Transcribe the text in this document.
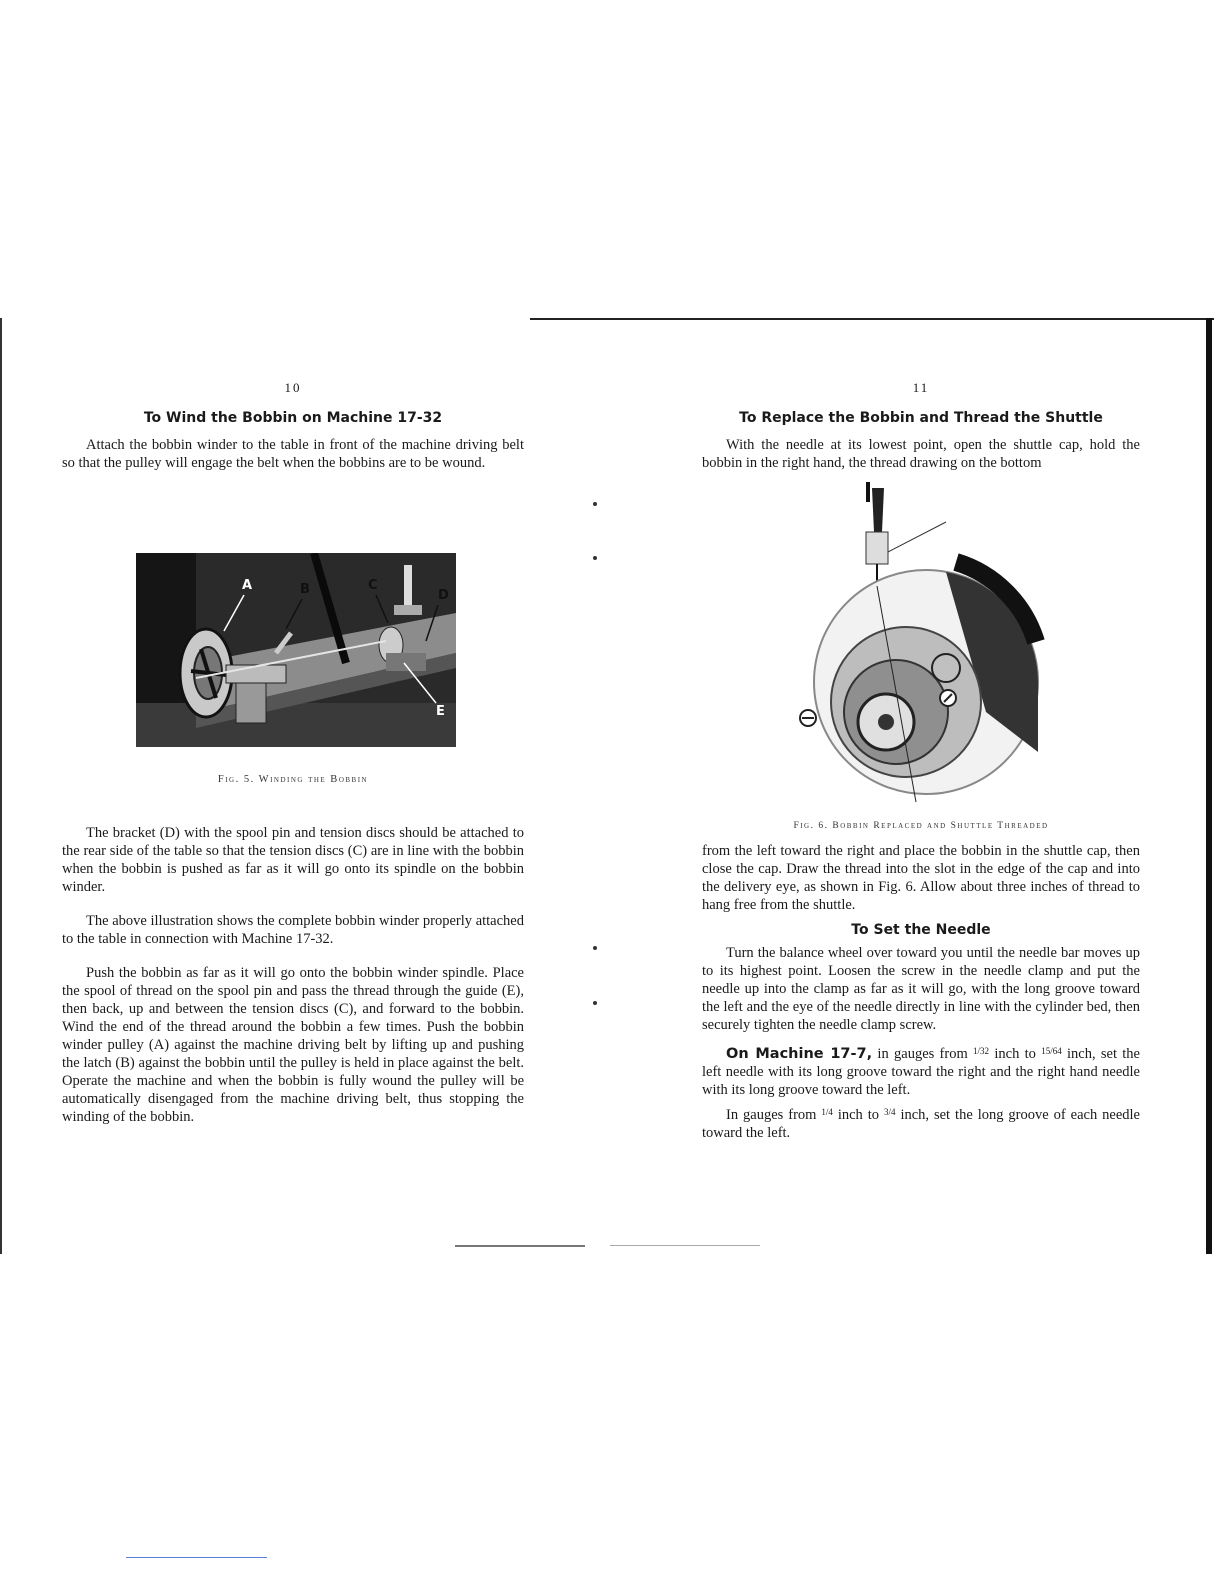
10
To Wind the Bobbin on Machine 17-32

Attach the bobbin winder to the table in front of the machine driving belt so that the pulley will engage the belt when the bobbins are to be wound.

A	B	C
D
E
Fig. 5. Winding the Bobbin

The bracket (D) with the spool pin and tension discs should be attached to the rear side of the table so that the tension discs (C) are in line with the bobbin when the bobbin is pushed as far as it will go onto its spindle on the bobbin winder.

The above illustration shows the complete bobbin winder properly attached to the table in connection with Machine 17-32.

Push the bobbin as far as it will go onto the bobbin winder spindle. Place the spool of thread on the spool pin and pass the thread through the guide (E), then back, up and between the tension discs (C), and forward to the bobbin. Wind the end of the thread around the bobbin a few times. Push the bobbin winder pulley (A) against the machine driving belt by lifting up and pushing the latch (B) against the bobbin until the pulley is held in place against the belt. Operate the machine and when the bobbin is fully wound the pulley will be automatically disengaged from the machine driving belt, thus stopping the winding of the bobbin.

11
To Replace the Bobbin and Thread the Shuttle

With the needle at its lowest point, open the shuttle cap, hold the bobbin in the right hand, the thread drawing on the bottom

Fig. 6. Bobbin Replaced and Shuttle Threaded

from the left toward the right and place the bobbin in the shuttle cap, then close the cap. Draw the thread into the slot in the edge of the cap and into the delivery eye, as shown in Fig. 6. Allow about three inches of thread to hang free from the shuttle.

To Set the Needle

Turn the balance wheel over toward you until the needle bar moves up to its highest point. Loosen the screw in the needle clamp and put the needle up into the clamp as far as it will go, with the long groove toward the left and the eye of the needle directly in line with the cylinder bed, then securely tighten the needle clamp screw.

On Machine 17-7, in gauges from $^{1/32}$ inch to $^{15/64}$ inch, set the left needle with its long groove toward the right and the right hand needle with its long groove toward the left.

In gauges from $^{1/4}$ inch to $^{3/4}$ inch, set the long groove of each needle toward the left.
